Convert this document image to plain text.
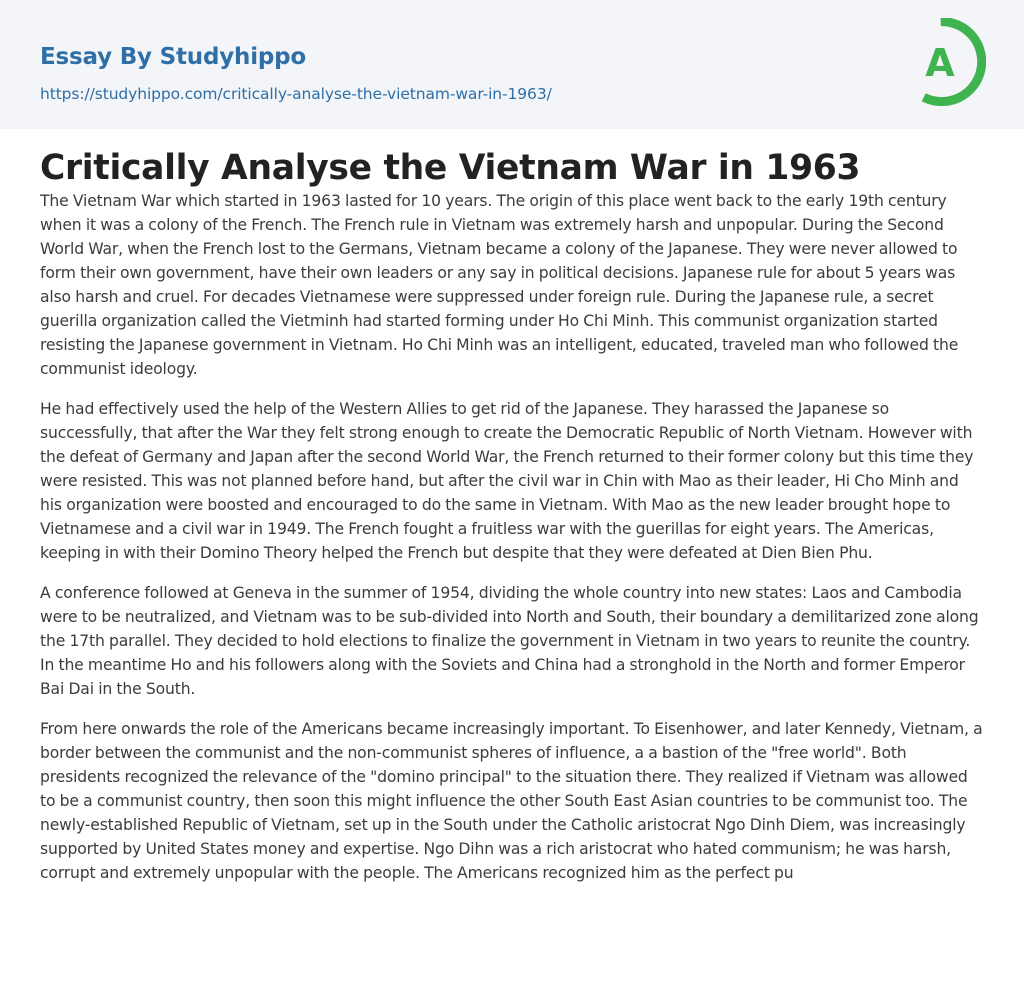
Essay By Studyhippo
https://studyhippo.com/critically-analyse-the-vietnam-war-in-1963/
A
Critically Analyse the Vietnam War in 1963

The Vietnam War which started in 1963 lasted for 10 years. The origin of this place went back to the early 19th century when it was a colony of the French. The French rule in Vietnam was extremely harsh and unpopular. During the Second World War, when the French lost to the Germans, Vietnam became a colony of the Japanese. They were never allowed to form their own government, have their own leaders or any say in political decisions. Japanese rule for about 5 years was also harsh and cruel. For decades Vietnamese were suppressed under foreign rule. During the Japanese rule, a secret guerilla organization called the Vietminh had started forming under Ho Chi Minh. This communist organization started resisting the Japanese government in Vietnam. Ho Chi Minh was an intelligent, educated, traveled man who followed the communist ideology.

He had effectively used the help of the Western Allies to get rid of the Japanese. They harassed the Japanese so successfully, that after the War they felt strong enough to create the Democratic Republic of North Vietnam. However with the defeat of Germany and Japan after the second World War, the French returned to their former colony but this time they were resisted. This was not planned before hand, but after the civil war in Chin with Mao as their leader, Hi Cho Minh and his organization were boosted and encouraged to do the same in Vietnam. With Mao as the new leader brought hope to Vietnamese and a civil war in 1949. The French fought a fruitless war with the guerillas for eight years. The Americas, keeping in with their Domino Theory helped the French but despite that they were defeated at Dien Bien Phu.

A conference followed at Geneva in the summer of 1954, dividing the whole country into new states: Laos and Cambodia were to be neutralized, and Vietnam was to be sub-divided into North and South, their boundary a demilitarized zone along the 17th parallel. They decided to hold elections to finalize the government in Vietnam in two years to reunite the country. In the meantime Ho and his followers along with the Soviets and China had a stronghold in the North and former Emperor Bai Dai in the South.

From here onwards the role of the Americans became increasingly important. To Eisenhower, and later Kennedy, Vietnam, a border between the communist and the non-communist spheres of influence, a a bastion of the "free world". Both presidents recognized the relevance of the "domino principal" to the situation there. They realized if Vietnam was allowed to be a communist country, then soon this might influence the other South East Asian countries to be communist too. The newly-established Republic of Vietnam, set up in the South under the Catholic aristocrat Ngo Dinh Diem, was increasingly supported by United States money and expertise. Ngo Dihn was a rich aristocrat who hated communism; he was harsh, corrupt and extremely unpopular with the people. The Americans recognized him as the perfect pu
